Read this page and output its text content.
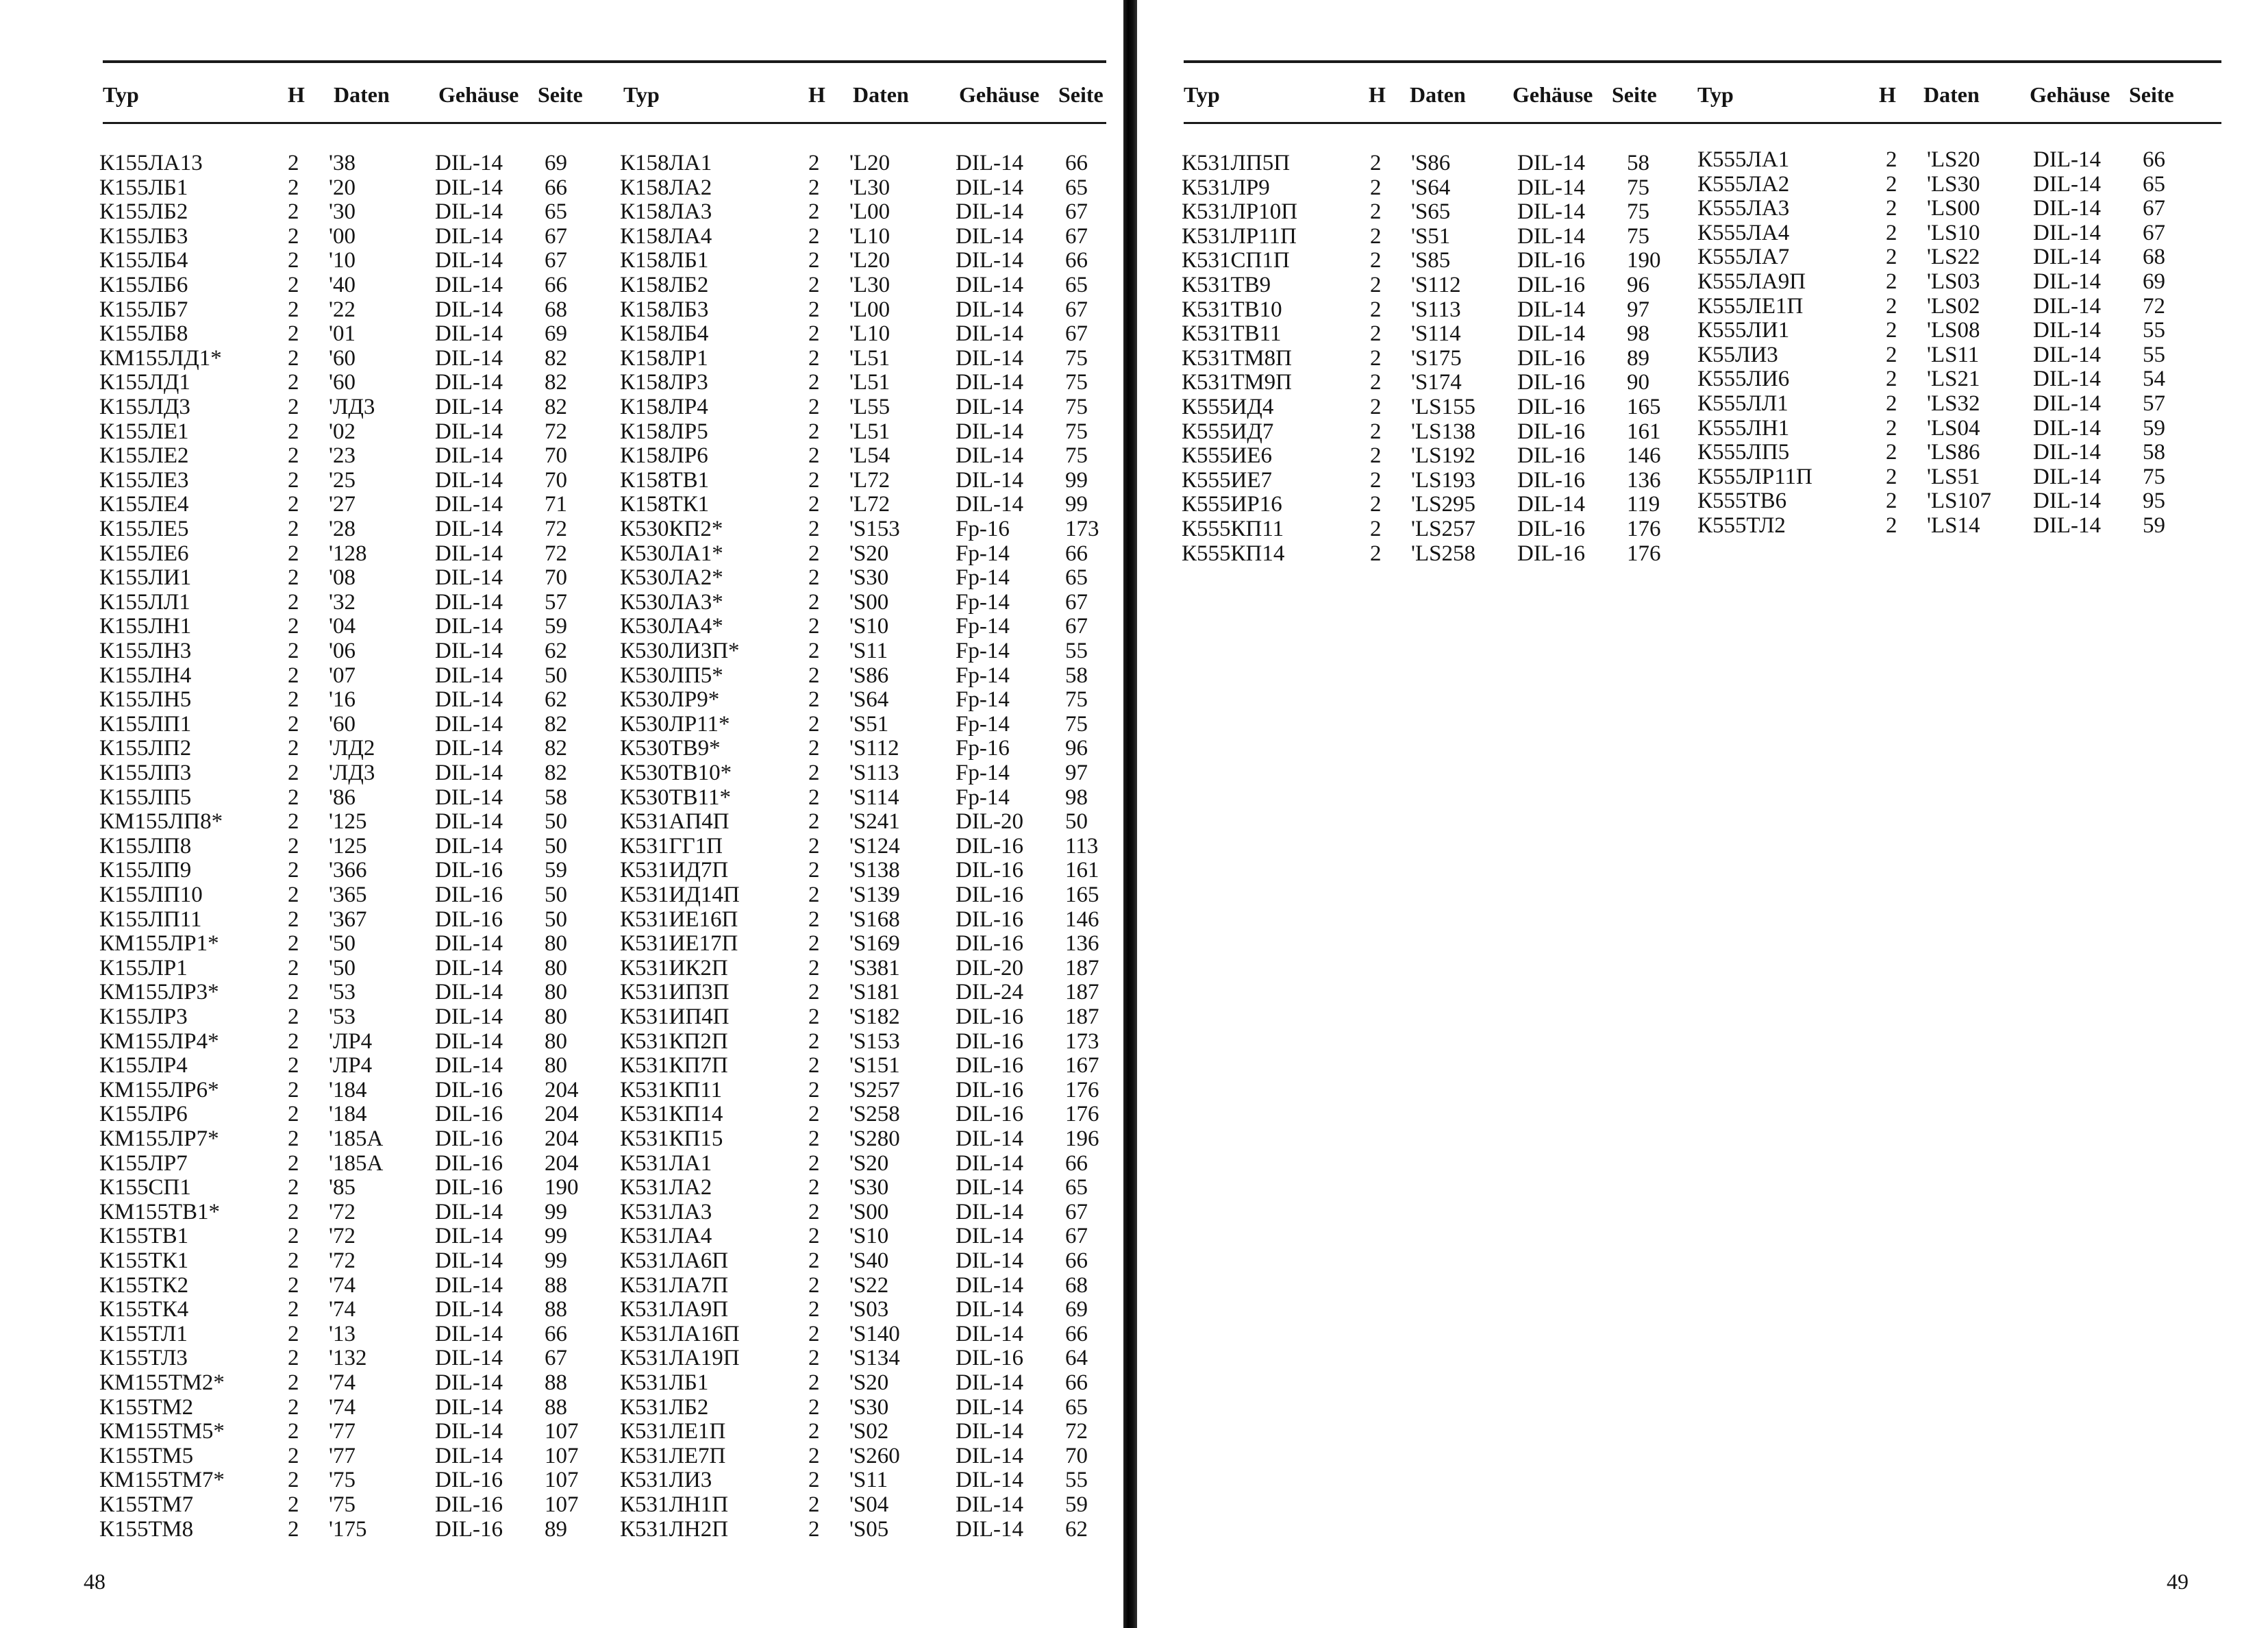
Typ	H Daten Gehäuse Seite Typ	H Daten Gehäuse Seite
К155ЛА13	2 '38	DIL-14 69
К155ЛБ1	2 '20	DIL-14 66
К155ЛБ2	2 '30	DIL-14 65
К155ЛБ3	2 '00	DIL-14 67
К155ЛБ4	2 '10	DIL-14 67
К155ЛБ6	2 '40	DIL-14 66
К155ЛБ7	2 '22	DIL-14 68
К155ЛБ8	2 '01	DIL-14 69
КМ155ЛД1*	2 '60	DIL-14 82
К155ЛД1	2 '60	DIL-14 82
К155ЛД3	2 'ЛД3	DIL-14 82
К155ЛЕ1	2 '02	DIL-14 72
К155ЛЕ2	2 '23	DIL-14 70
К155ЛЕ3	2 '25	DIL-14 70
К155ЛЕ4	2 '27	DIL-14 71
К155ЛЕ5	2 '28	DIL-14 72
К155ЛЕ6	2 '128	DIL-14 72
К155ЛИ1	2 '08	DIL-14 70
К155ЛЛ1	2 '32	DIL-14 57
К155ЛН1	2 '04	DIL-14 59
К155ЛН3	2 '06	DIL-14 62
К155ЛН4	2 '07	DIL-14 50
К155ЛН5	2 '16	DIL-14 62
К155ЛП1	2 '60	DIL-14 82
К155ЛП2	2 'ЛД2	DIL-14 82
К155ЛП3	2 'ЛД3	DIL-14 82
К155ЛП5	2 '86	DIL-14 58
КМ155ЛП8*	2 '125	DIL-14 50
К155ЛП8	2 '125	DIL-14 50
К155ЛП9	2 '366	DIL-16 59
К155ЛП10	2 '365	DIL-16 50
К155ЛП11	2 '367	DIL-16 50
КМ155ЛР1*	2 '50	DIL-14 80
К155ЛР1	2 '50	DIL-14 80
КМ155ЛР3*	2 '53	DIL-14 80
К155ЛР3	2 '53	DIL-14 80
КМ155ЛР4*	2 'ЛР4	DIL-14 80
К155ЛР4	2 'ЛР4	DIL-14 80
КМ155ЛР6*	2 '184	DIL-16 204
К155ЛР6	2 '184	DIL-16 204
КМ155ЛР7*	2 '185A DIL-16 204
К155ЛР7	2 '185A DIL-16 204
К155СП1	2 '85	DIL-16 190
КМ155ТВ1*	2 '72	DIL-14 99
К155ТВ1	2 '72	DIL-14 99
К155ТК1	2 '72	DIL-14 99
К155ТК2	2 '74	DIL-14 88
К155ТК4	2 '74	DIL-14 88
К155ТЛ1	2 '13	DIL-14 66
К155ТЛ3	2 '132	DIL-14 67
КМ155ТМ2*	2 '74	DIL-14 88
К155ТМ2	2 '74	DIL-14 88
КМ155ТМ5*	2 '77	DIL-14 107
К155ТМ5	2 '77	DIL-14 107
КМ155ТМ7*	2 '75	DIL-16 107
К155ТМ7	2 '75	DIL-16 107
К155ТМ8	2 '175	DIL-16 89
К158ЛА1	2 'L20	DIL-14 66
К158ЛА2	2 'L30	DIL-14 65
К158ЛА3	2 'L00	DIL-14 67
К158ЛА4	2 'L10	DIL-14 67
К158ЛБ1	2 'L20	DIL-14 66
К158ЛБ2	2 'L30	DIL-14 65
К158ЛБ3	2 'L00	DIL-14 67
К158ЛБ4	2 'L10	DIL-14 67
К158ЛР1	2 'L51	DIL-14 75
К158ЛР3	2 'L51	DIL-14 75
К158ЛР4	2 'L55	DIL-14 75
К158ЛР5	2 'L51	DIL-14 75
К158ЛР6	2 'L54	DIL-14 75
К158ТВ1	2 'L72	DIL-14 99
К158ТК1	2 'L72	DIL-14 99
К530КП2*	2 'S153 Fp-16 173
К530ЛА1*	2 'S20	Fp-14 66
К530ЛА2*	2 'S30	Fp-14 65
К530ЛА3*	2 'S00	Fp-14 67
К530ЛА4*	2 'S10	Fp-14 67
К530ЛИ3П*	2 'S11	Fp-14 55
К530ЛП5*	2 'S86	Fp-14 58
К530ЛР9*	2 'S64	Fp-14 75
К530ЛР11*	2 'S51	Fp-14 75
К530ТВ9*	2 'S112 Fp-16 96
К530ТВ10*	2 'S113 Fp-14 97
К530ТВ11*	2 'S114 Fp-14 98
К531АП4П	2 'S241 DIL-20 50
К531ГГ1П	2 'S124 DIL-16 113
К531ИД7П	2 'S138 DIL-16 161
К531ИД14П	2 'S139 DIL-16 165
К531ИЕ16П	2 'S168 DIL-16 146
К531ИЕ17П	2 'S169 DIL-16 136
К531ИК2П	2 'S381 DIL-20 187
К531ИП3П	2 'S181 DIL-24 187
К531ИП4П	2 'S182 DIL-16 187
К531КП2П	2 'S153 DIL-16 173
К531КП7П	2 'S151 DIL-16 167
К531КП11	2 'S257 DIL-16 176
К531КП14	2 'S258 DIL-16 176
К531КП15	2 'S280 DIL-14 196
К531ЛА1	2 'S20	DIL-14 66
К531ЛА2	2 'S30	DIL-14 65
К531ЛА3	2 'S00	DIL-14 67
К531ЛА4	2 'S10	DIL-14 67
К531ЛА6П	2 'S40	DIL-14 66
К531ЛА7П	2 'S22	DIL-14 68
К531ЛА9П	2 'S03	DIL-14 69
К531ЛА16П	2 'S140 DIL-14 66
К531ЛА19П	2 'S134 DIL-16 64
К531ЛБ1	2 'S20	DIL-14 66
К531ЛБ2	2 'S30	DIL-14 65
К531ЛЕ1П	2 'S02	DIL-14 72
К531ЛЕ7П	2 'S260 DIL-14 70
К531ЛИ3	2 'S11	DIL-14 55
К531ЛН1П	2 'S04	DIL-14 59
К531ЛН2П	2 'S05	DIL-14 62
48
Typ	H Daten Gehäuse Seite Typ	H Daten Gehäuse Seite
К531ЛП5П	2 'S86	DIL-14 58
К531ЛР9	2 'S64	DIL-14 75
К531ЛР10П	2 'S65	DIL-14 75
К531ЛР11П	2 'S51	DIL-14 75
К531СП1П	2 'S85	DIL-16 190
К531ТВ9	2 'S112 DIL-16 96
К531ТВ10	2 'S113 DIL-14 97
К531ТВ11	2 'S114 DIL-14 98
К531ТМ8П	2 'S175 DIL-16 89
К531ТМ9П	2 'S174 DIL-16 90
К555ИД4	2 'LS155 DIL-16 165
К555ИД7	2 'LS138 DIL-16 161
К555ИЕ6	2 'LS192 DIL-16 146
К555ИЕ7	2 'LS193 DIL-16 136
К555ИР16	2 'LS295 DIL-14 119
К555КП11	2 'LS257 DIL-16 176
К555КП14	2 'LS258 DIL-16 176
К555ЛА1	2 'LS20 DIL-14 66
К555ЛА2	2 'LS30 DIL-14 65
К555ЛА3	2 'LS00 DIL-14 67
К555ЛА4	2 'LS10 DIL-14 67
К555ЛА7	2 'LS22 DIL-14 68
К555ЛА9П	2 'LS03 DIL-14 69
К555ЛЕ1П	2 'LS02 DIL-14 72
К555ЛИ1	2 'LS08 DIL-14 55
К55ЛИ3	2 'LS11 DIL-14 55
К555ЛИ6	2 'LS21 DIL-14 54
К555ЛЛ1	2 'LS32 DIL-14 57
К555ЛН1	2 'LS04 DIL-14 59
К555ЛП5	2 'LS86 DIL-14 58
К555ЛР11П	2 'LS51 DIL-14 75
К555ТВ6	2 'LS107 DIL-14 95
К555ТЛ2	2 'LS14 DIL-14 59
49
